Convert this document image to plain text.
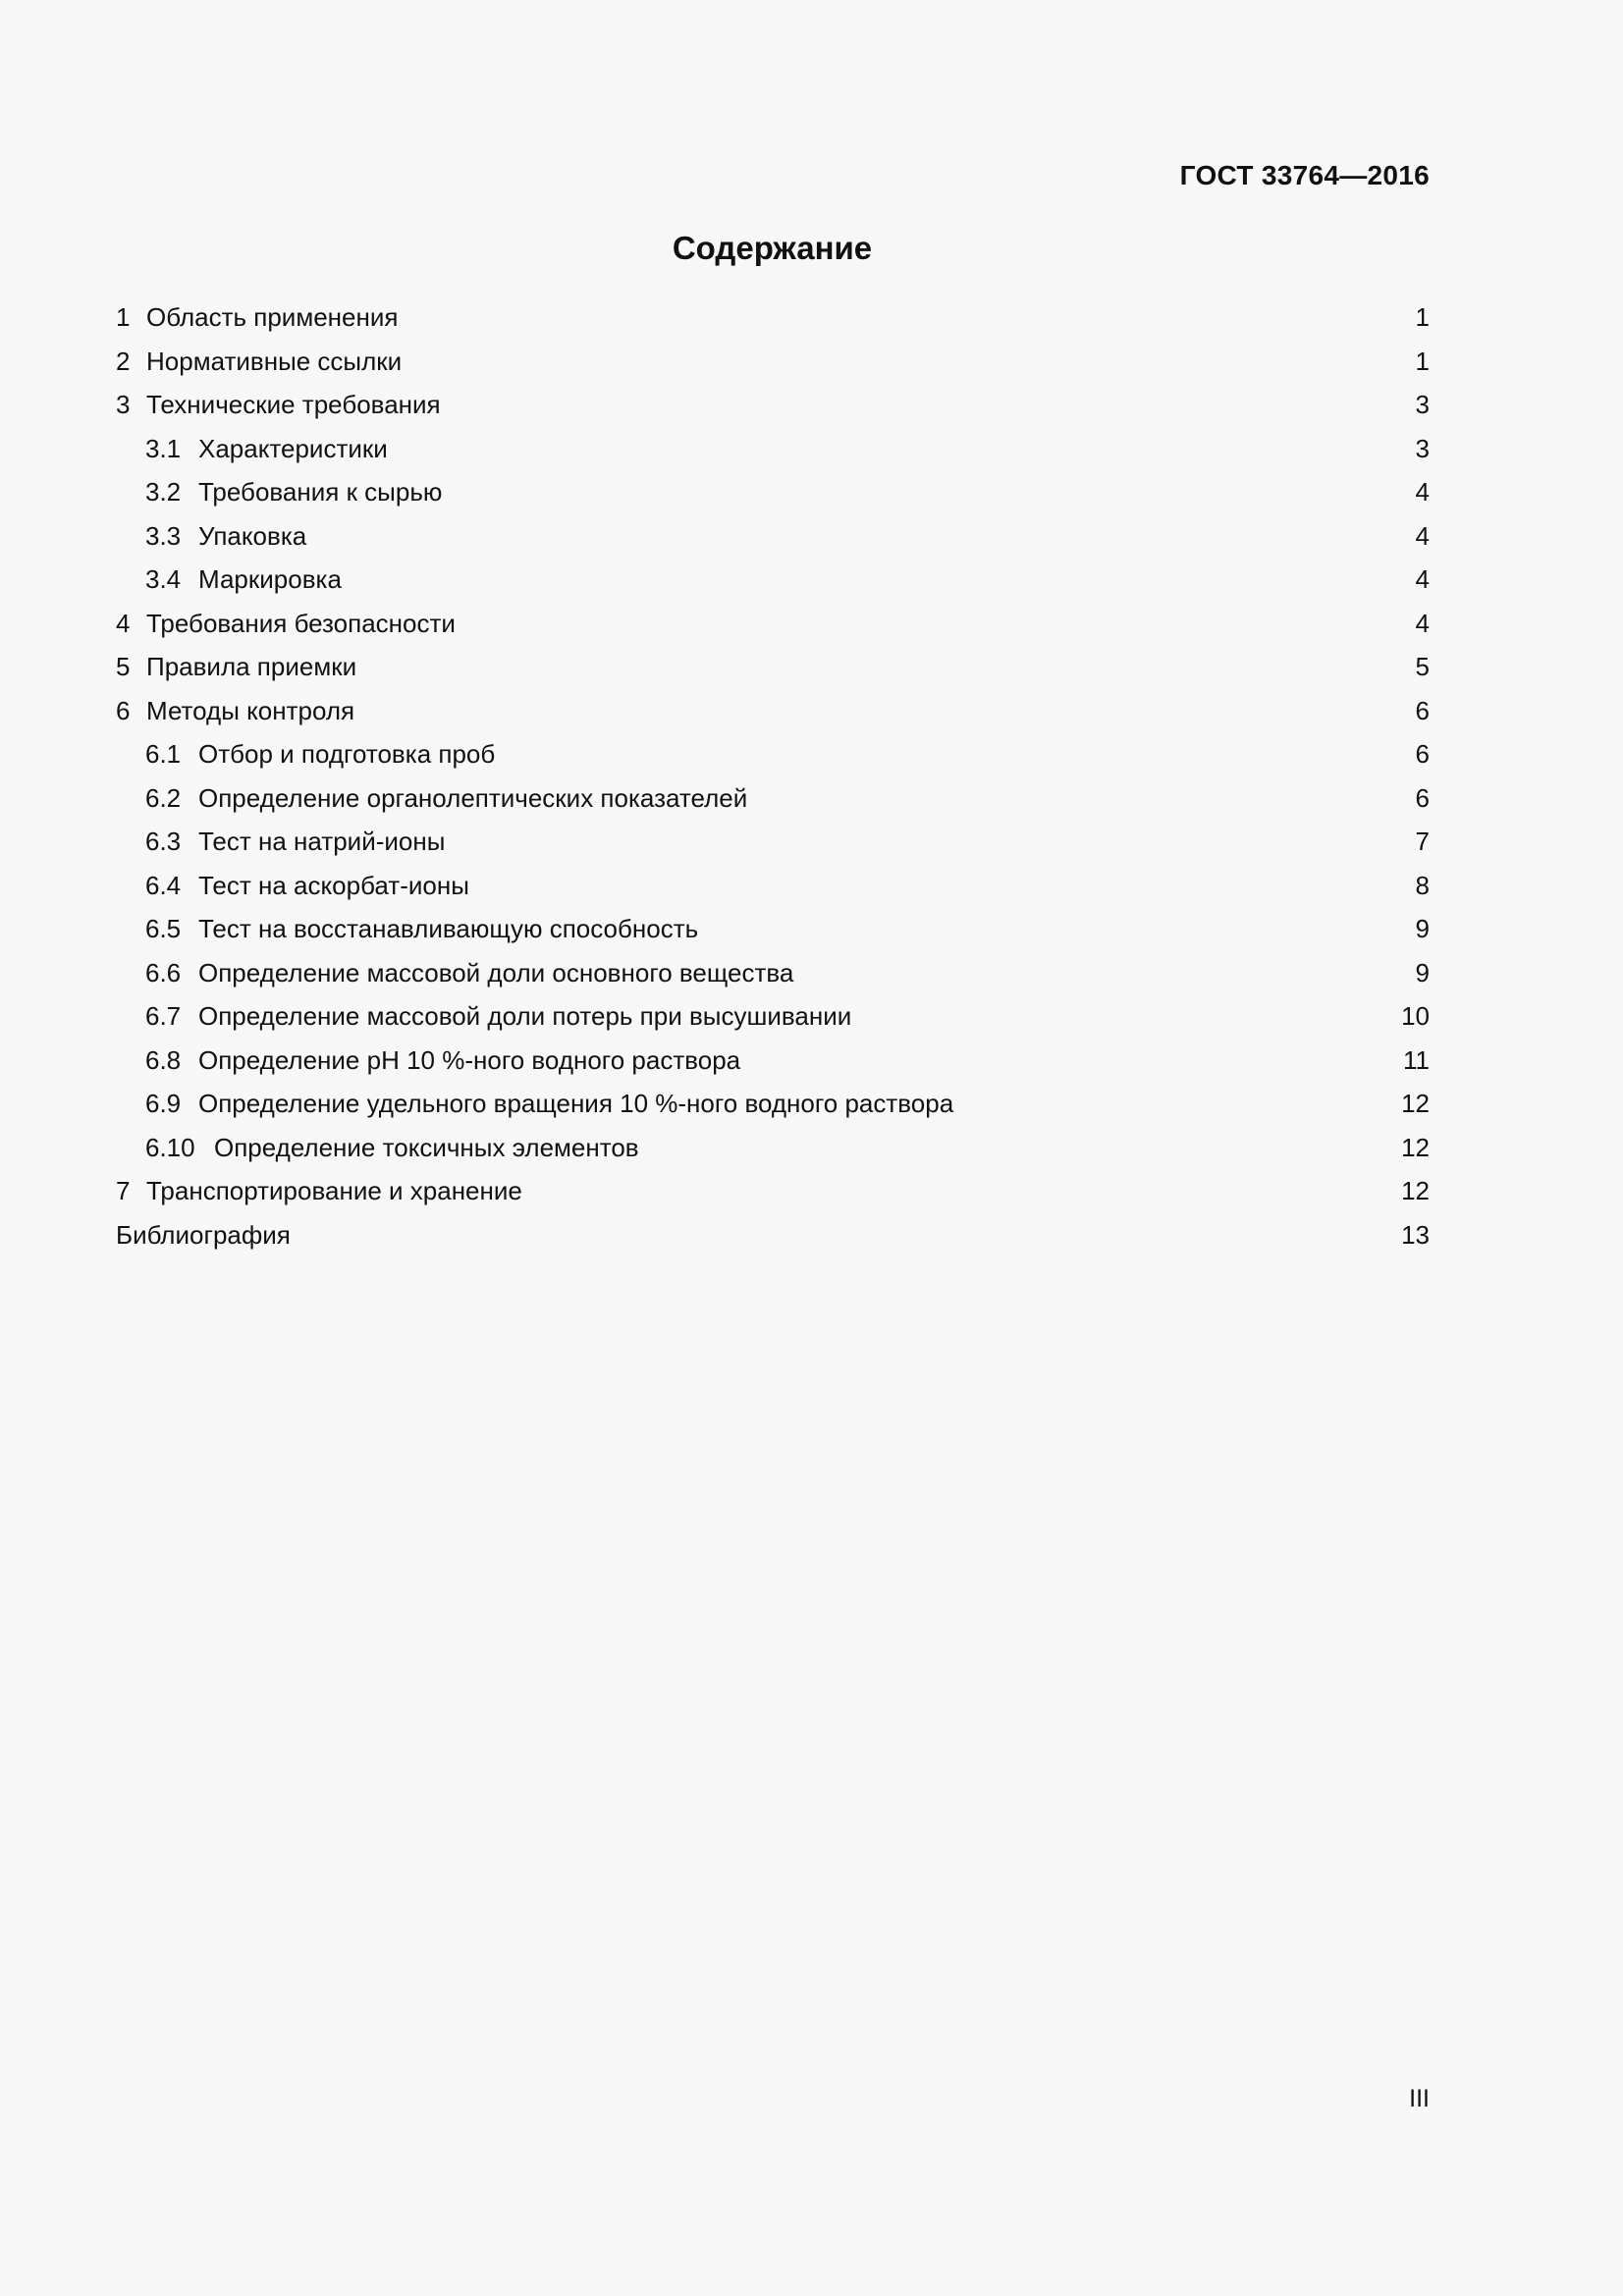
ГОСТ 33764—2016
Содержание
1 Область применения	1
2 Нормативные ссылки	1
3 Технические требования	3
3.1 Характеристики	3
3.2 Требования к сырью	4
3.3 Упаковка	4
3.4 Маркировка	4
4 Требования безопасности	4
5 Правила приемки	5
6 Методы контроля	6
6.1 Отбор и подготовка проб	6
6.2 Определение органолептических показателей	6
6.3 Тест на натрий-ионы	7
6.4 Тест на аскорбат-ионы	8
6.5 Тест на восстанавливающую способность	9
6.6 Определение массовой доли основного вещества	9
6.7 Определение массовой доли потерь при высушивании	10
6.8 Определение pH 10 %-ного водного раствора	11
6.9 Определение удельного вращения 10 %-ного водного раствора	12
6.10 Определение токсичных элементов	12
7 Транспортирование и хранение	12
Библиография	13
III
